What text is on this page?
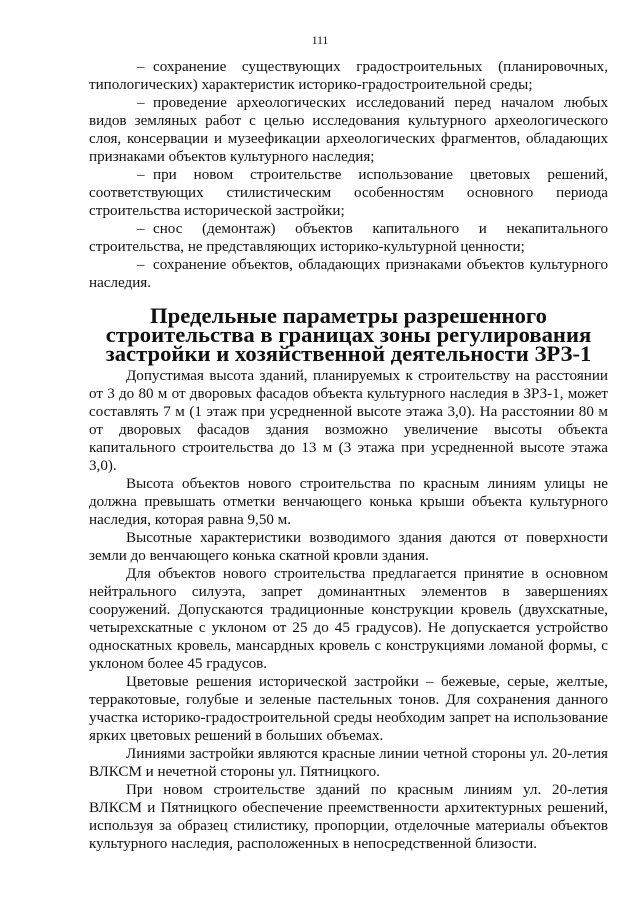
111

– сохранение существующих градостроительных (планировочных, типологических) характеристик историко-градостроительной среды;

– проведение археологических исследований перед началом любых видов земляных работ с целью исследования культурного археологического слоя, консервации и музеефикации археологических фрагментов, обладающих признаками объектов культурного наследия;

– при новом строительстве использование цветовых решений, соответствующих стилистическим особенностям основного периода строительства исторической застройки;

– снос (демонтаж) объектов капитального и некапитального строительства, не представляющих историко-культурной ценности;

– сохранение объектов, обладающих признаками объектов культурного наследия.

Предельные параметры разрешенного строительства в границах зоны регулирования застройки и хозяйственной деятельности ЗРЗ-1

Допустимая высота зданий, планируемых к строительству на расстоянии от 3 до 80 м от дворовых фасадов объекта культурного наследия в ЗРЗ-1, может составлять 7 м (1 этаж при усредненной высоте этажа 3,0). На расстоянии 80 м от дворовых фасадов здания возможно увеличение высоты объекта капитального строительства до 13 м (3 этажа при усредненной высоте этажа 3,0).

Высота объектов нового строительства по красным линиям улицы не должна превышать отметки венчающего конька крыши объекта культурного наследия, которая равна 9,50 м.

Высотные характеристики возводимого здания даются от поверхности земли до венчающего конька скатной кровли здания.

Для объектов нового строительства предлагается принятие в основном нейтрального силуэта, запрет доминантных элементов в завершениях сооружений. Допускаются традиционные конструкции кровель (двухскатные, четырехскатные с уклоном от 25 до 45 градусов). Не допускается устройство односкатных кровель, мансардных кровель с конструкциями ломаной формы, с уклоном более 45 градусов.

Цветовые решения исторической застройки – бежевые, серые, желтые, терракотовые, голубые и зеленые пастельных тонов. Для сохранения данного участка историко-градостроительной среды необходим запрет на использование ярких цветовых решений в больших объемах.

Линиями застройки являются красные линии четной стороны ул. 20-летия ВЛКСМ и нечетной стороны ул. Пятницкого.

При новом строительстве зданий по красным линиям ул. 20-летия ВЛКСМ и Пятницкого обеспечение преемственности архитектурных решений, используя за образец стилистику, пропорции, отделочные материалы объектов культурного наследия, расположенных в непосредственной близости.
